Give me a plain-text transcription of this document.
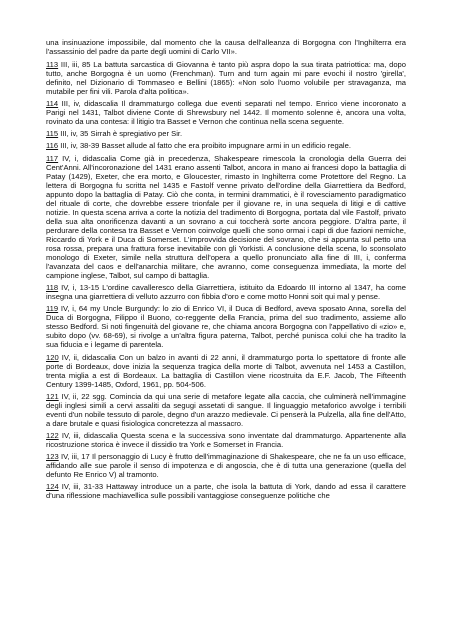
una insinuazione impossibile, dal momento che la causa dell'alleanza di Borgogna con l'Inghilterra era l'assassinio del padre da parte degli uomini di Carlo VII».

113 III, iii, 85 La battuta sarcastica di Giovanna è tanto più aspra dopo la sua tirata patriottica: ma, dopo tutto, anche Borgogna è un uomo (Frenchman). Turn and turn again mi pare evochi il nostro 'girella', definito, nel Dizionario di Tommaseo e Bellini (1865): «Non solo l'uomo volubile per stravaganza, ma mutabile per fini vili. Parola d'alta politica».

114 III, iv, didascalia Il drammaturgo collega due eventi separati nel tempo. Enrico viene incoronato a Parigi nel 1431, Talbot diviene Conte di Shrewsbury nel 1442. Il momento solenne è, ancora una volta, rovinato da una contesa: il litigio tra Basset e Vernon che continua nella scena seguente.

115 III, iv, 35 Sirrah è spregiativo per Sir.

116 III, iv, 38-39 Basset allude al fatto che era proibito impugnare armi in un edificio regale.

117 IV, i, didascalia Come già in precedenza, Shakespeare rimescola la cronologia della Guerra dei Cent'Anni. All'incoronazione del 1431 erano assenti Talbot, ancora in mano ai francesi dopo la battaglia di Patay (1429), Exeter, che era morto, e Gloucester, rimasto in Inghilterra come Protettore del Regno. La lettera di Borgogna fu scritta nel 1435 e Fastolf venne privato dell'ordine della Giarrettiera da Bedford, appunto dopo la battaglia di Patay. Ciò che conta, in termini drammatici, è il rovesciamento paradigmatico del rituale di corte, che dovrebbe essere trionfale per il giovane re, in una sequela di litigi e di cattive notizie. In questa scena arriva a corte la notizia del tradimento di Borgogna, portata dal vile Fastolf, privato della sua alta onorificenza davanti a un sovrano a cui toccherà sorte ancora peggiore. D'altra parte, il perdurare della contesa tra Basset e Vernon coinvolge quelli che sono ormai i capi di due fazioni nemiche, Riccardo di York e il Duca di Somerset. L'improvvida decisione del sovrano, che si appunta sul petto una rosa rossa, prepara una frattura forse inevitabile con gli Yorkisti. A conclusione della scena, lo sconsolato monologo di Exeter, simile nella struttura dell'opera a quello pronunciato alla fine di III, i, conferma l'avanzata del caos e dell'anarchia militare, che avranno, come conseguenza immediata, la morte del campione inglese, Talbot, sul campo di battaglia.

118 IV, i, 13-15 L'ordine cavalleresco della Giarrettiera, istituito da Edoardo III intorno al 1347, ha come insegna una giarrettiera di velluto azzurro con fibbia d'oro e come motto Honni soit qui mal y pense.

119 IV, i, 64 my Uncle Burgundy: lo zio di Enrico VI, il Duca di Bedford, aveva sposato Anna, sorella del Duca di Borgogna, Filippo il Buono, co-reggente della Francia, prima del suo tradimento, assieme allo stesso Bedford. Si noti fingenuità del giovane re, che chiama ancora Borgogna con l'appellativo di «zio» e, subito dopo (vv. 68-69), si rivolge a un'altra figura paterna, Talbot, perché punisca colui che ha tradito la sua fiducia e i legame di parentela.

120 IV, ii, didascalia Con un balzo in avanti di 22 anni, il drammaturgo porta lo spettatore di fronte alle porte di Bordeaux, dove inizia la sequenza tragica della morte di Talbot, avvenuta nel 1453 a Castillon, trenta miglia a est di Bordeaux. La battaglia di Castillon viene ricostruita da E.F. Jacob, The Fifteenth Century 1399-1485, Oxford, 1961, pp. 504-506.

121 IV, ii, 22 sgg. Comincia da qui una serie di metafore legate alla caccia, che culminerà nell'immagine degli inglesi simili a cervi assaliti da segugi assetati di sangue. Il linguaggio metaforico avvolge i terribili eventi d'un nobile tessuto di parole, degno d'un arazzo medievale. Ci penserà la Pulzella, alla fine dell'Atto, a dare brutale e quasi fisiologica concretezza al massacro.

122 IV, iii, didascalia Questa scena e la successiva sono inventate dal drammaturgo. Appartenente alla ricostruzione storica è invece il dissidio tra York e Somerset in Francia.

123 IV, iii, 17 Il personaggio di Lucy è frutto dell'immaginazione di Shakespeare, che ne fa un uso efficace, affidando alle sue parole il senso di impotenza e di angoscia, che è di tutta una generazione (quella del defunto Re Enrico V) al tramonto.

124 IV, iii, 31-33 Hattaway introduce un a parte, che isola la battuta di York, dando ad essa il carattere d'una riflessione machiavellica sulle possibili vantaggiose conseguenze politiche che
